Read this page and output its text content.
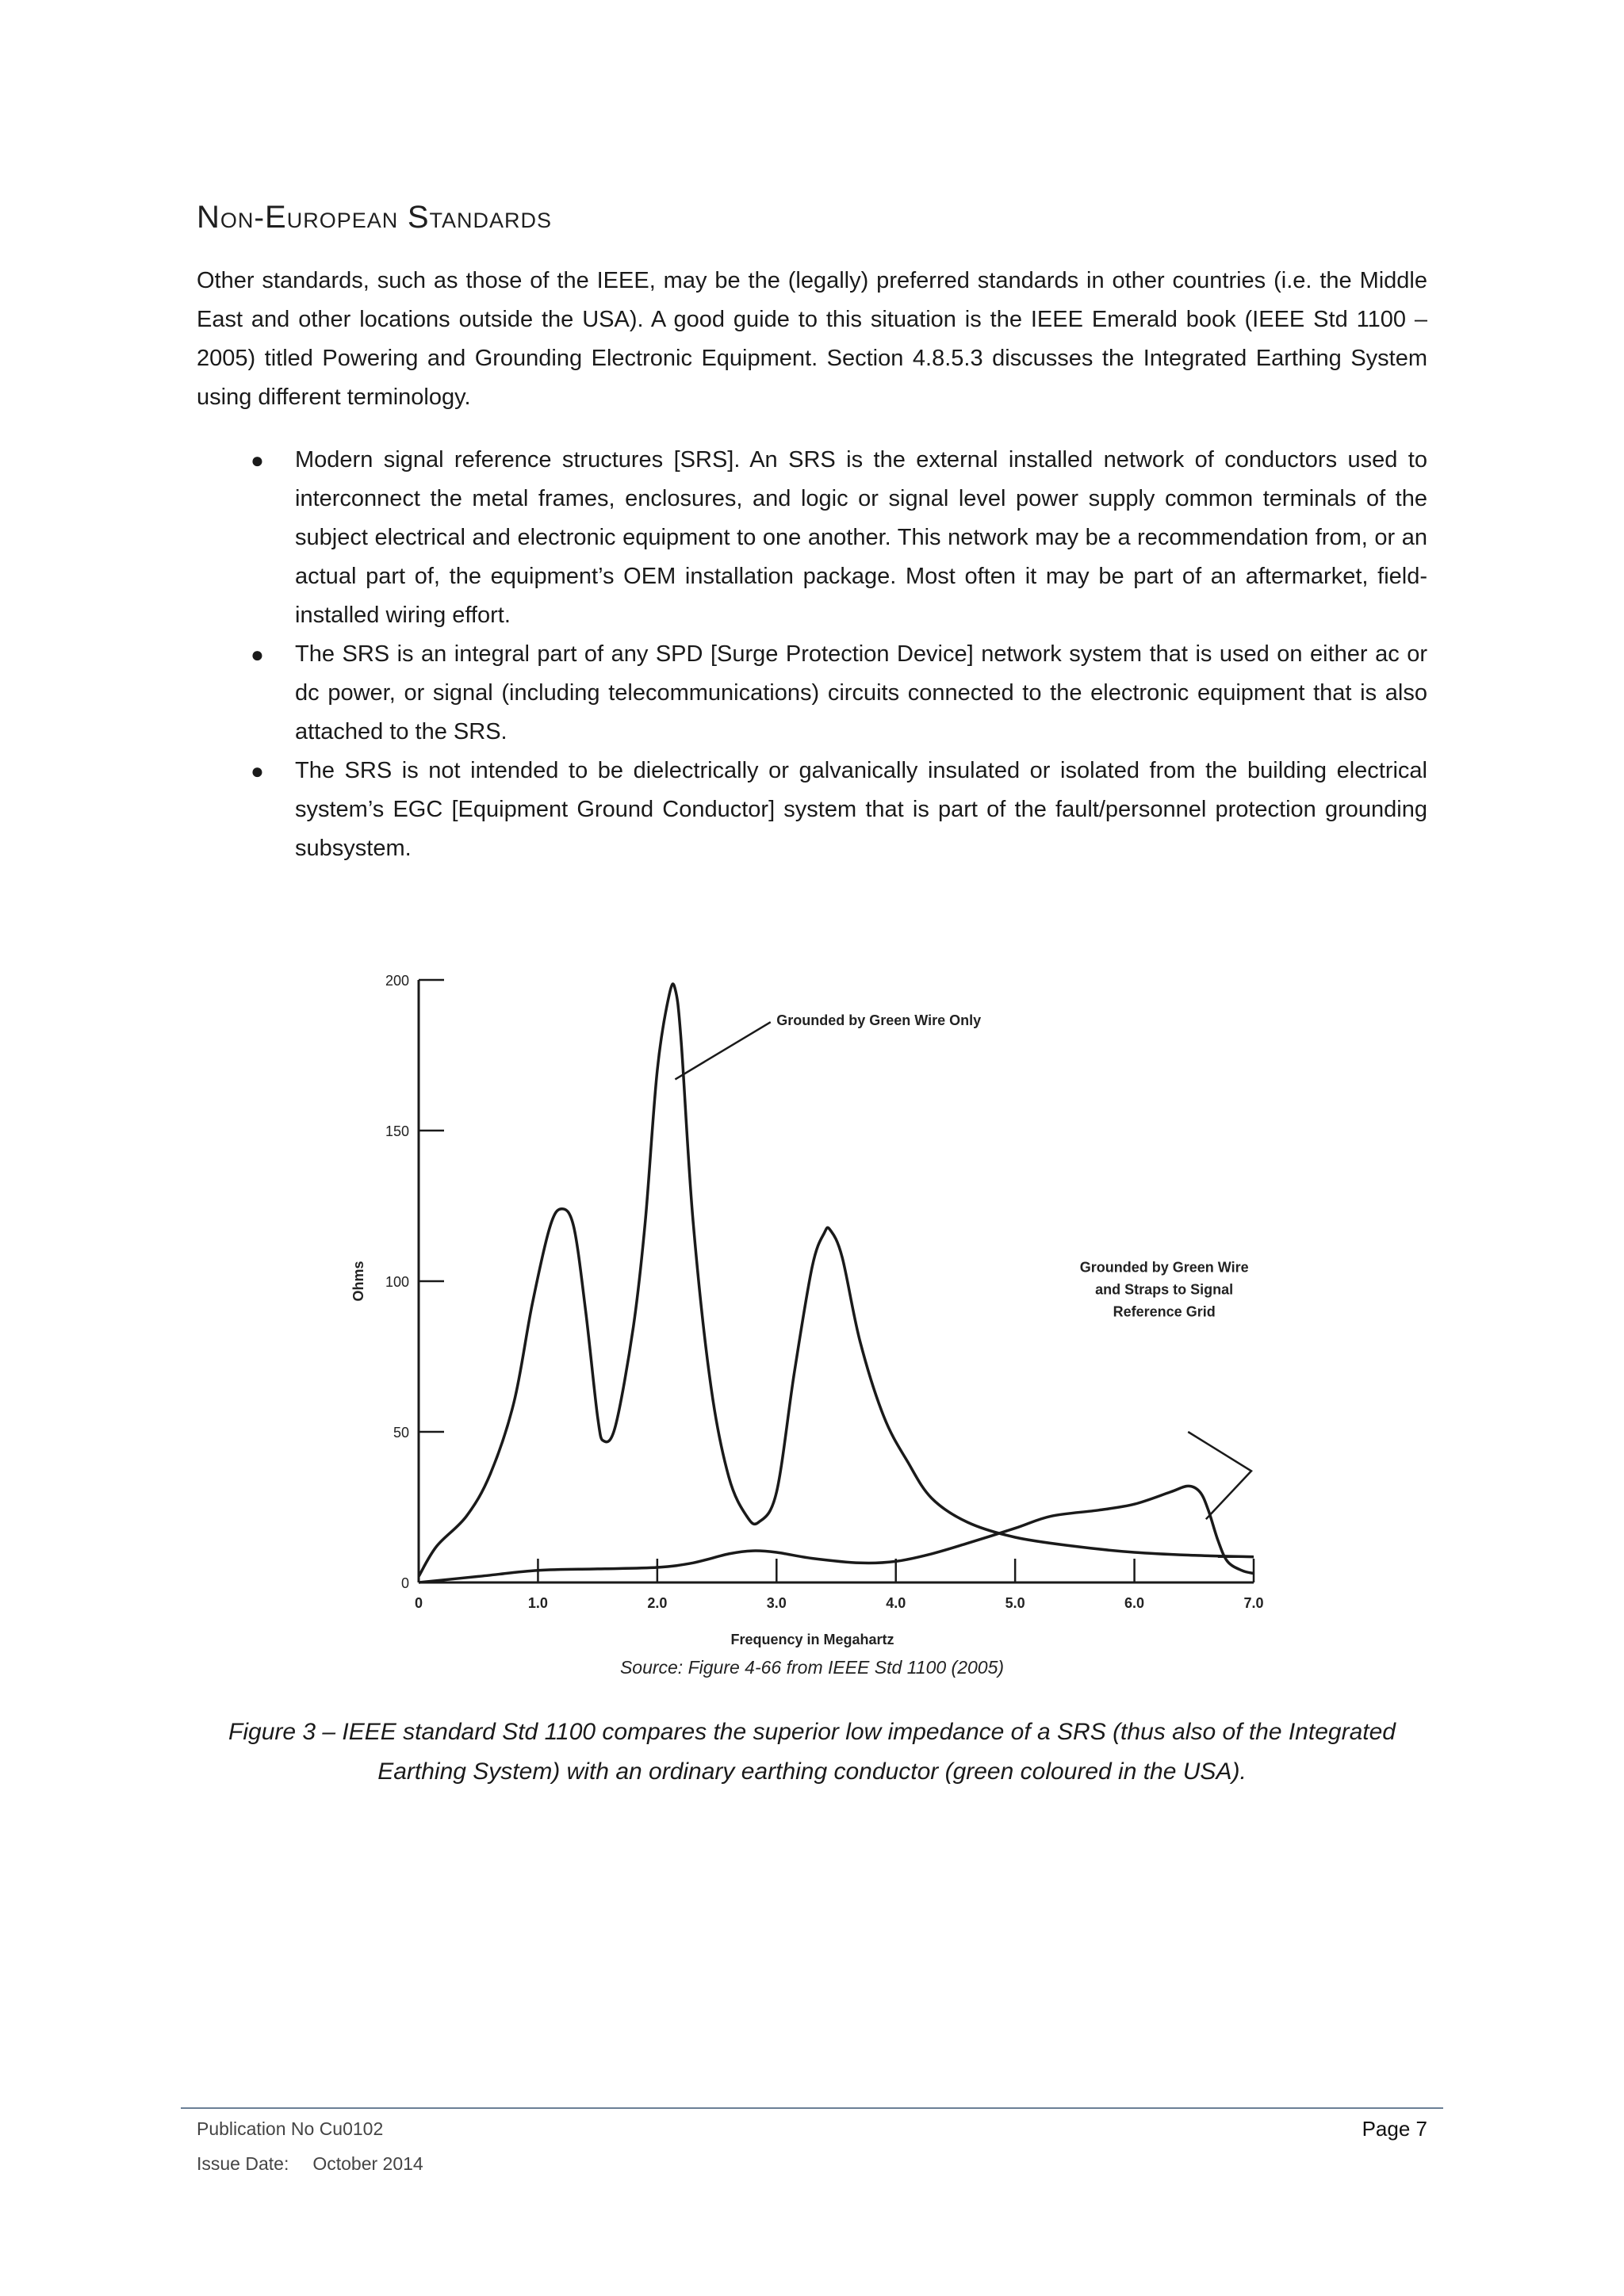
Non-European Standards
Other standards, such as those of the IEEE, may be the (legally) preferred standards in other countries (i.e. the Middle East and other locations outside the USA). A good guide to this situation is the IEEE Emerald book (IEEE Std 1100 – 2005) titled Powering and Grounding Electronic Equipment. Section 4.8.5.3 discusses the Integrated Earthing System using different terminology.
● Modern signal reference structures [SRS]. An SRS is the external installed network of conductors used to interconnect the metal frames, enclosures, and logic or signal level power supply common terminals of the subject electrical and electronic equipment to one another. This network may be a recommendation from, or an actual part of, the equipment’s OEM installation package. Most often it may be part of an aftermarket, field-installed wiring effort.
● The SRS is an integral part of any SPD [Surge Protection Device] network system that is used on either ac or dc power, or signal (including telecommunications) circuits connected to the electronic equipment that is also attached to the SRS.
● The SRS is not intended to be dielectrically or galvanically insulated or isolated from the building electrical system’s EGC [Equipment Ground Conductor] system that is part of the fault/personnel protection grounding subsystem.
0
50
100
150
200
0	1.0	2.0	3.0	4.0	5.0	6.0	7.0
Frequency in Megahartz
Ohms
Grounded by Green Wire Only
Grounded by Green Wire
and Straps to Signal
Reference Grid
Source: Figure 4-66 from IEEE Std 1100 (2005)
Figure 3 – IEEE standard Std 1100 compares the superior low impedance of a SRS (thus also of the Integrated Earthing System) with an ordinary earthing conductor (green coloured in the USA).
Publication No Cu0102
Issue Date: October 2014
Page 7
